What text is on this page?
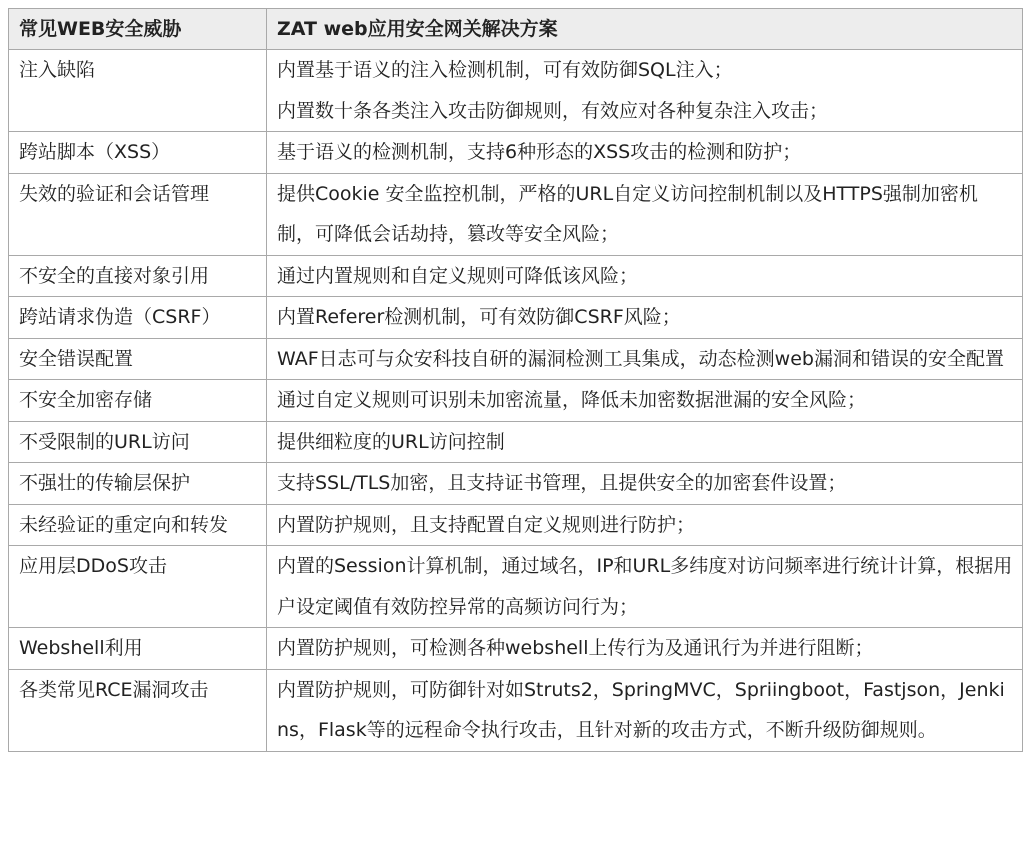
常见WEB安全威胁	ZAT web应用安全网关解决方案
注入缺陷	内置基于语义的注入检测机制，可有效防御SQL注入；
内置数十条各类注入攻击防御规则，有效应对各种复杂注入攻击；

跨站脚本（XSS）	基于语义的检测机制，支持6种形态的XSS攻击的检测和防护；

失效的验证和会话管理	提供Cookie 安全监控机制，严格的URL自定义访问控制机制以及HTTPS强制加密机制，可降低会话劫持，篡改等安全风险；

不安全的直接对象引用	通过内置规则和自定义规则可降低该风险；

跨站请求伪造（CSRF）	内置Referer检测机制，可有效防御CSRF风险；

安全错误配置	WAF日志可与众安科技自研的漏洞检测工具集成，动态检测web漏洞和错误的安全配置

不安全加密存储	通过自定义规则可识别未加密流量，降低未加密数据泄漏的安全风险；

不受限制的URL访问	提供细粒度的URL访问控制

不强壮的传输层保护	支持SSL/TLS加密，且支持证书管理，且提供安全的加密套件设置；

未经验证的重定向和转发	内置防护规则，且支持配置自定义规则进行防护；

应用层DDoS攻击	内置的Session计算机制，通过域名，IP和URL多纬度对访问频率进行统计计算，根据用户设定阈值有效防控异常的高频访问行为；

Webshell利用	内置防护规则，可检测各种webshell上传行为及通讯行为并进行阻断；

各类常见RCE漏洞攻击	内置防护规则，可防御针对如Struts2，SpringMVC，Spriingboot，Fastjson，Jenkins，Flask等的远程命令执行攻击，且针对新的攻击方式，不断升级防御规则。
